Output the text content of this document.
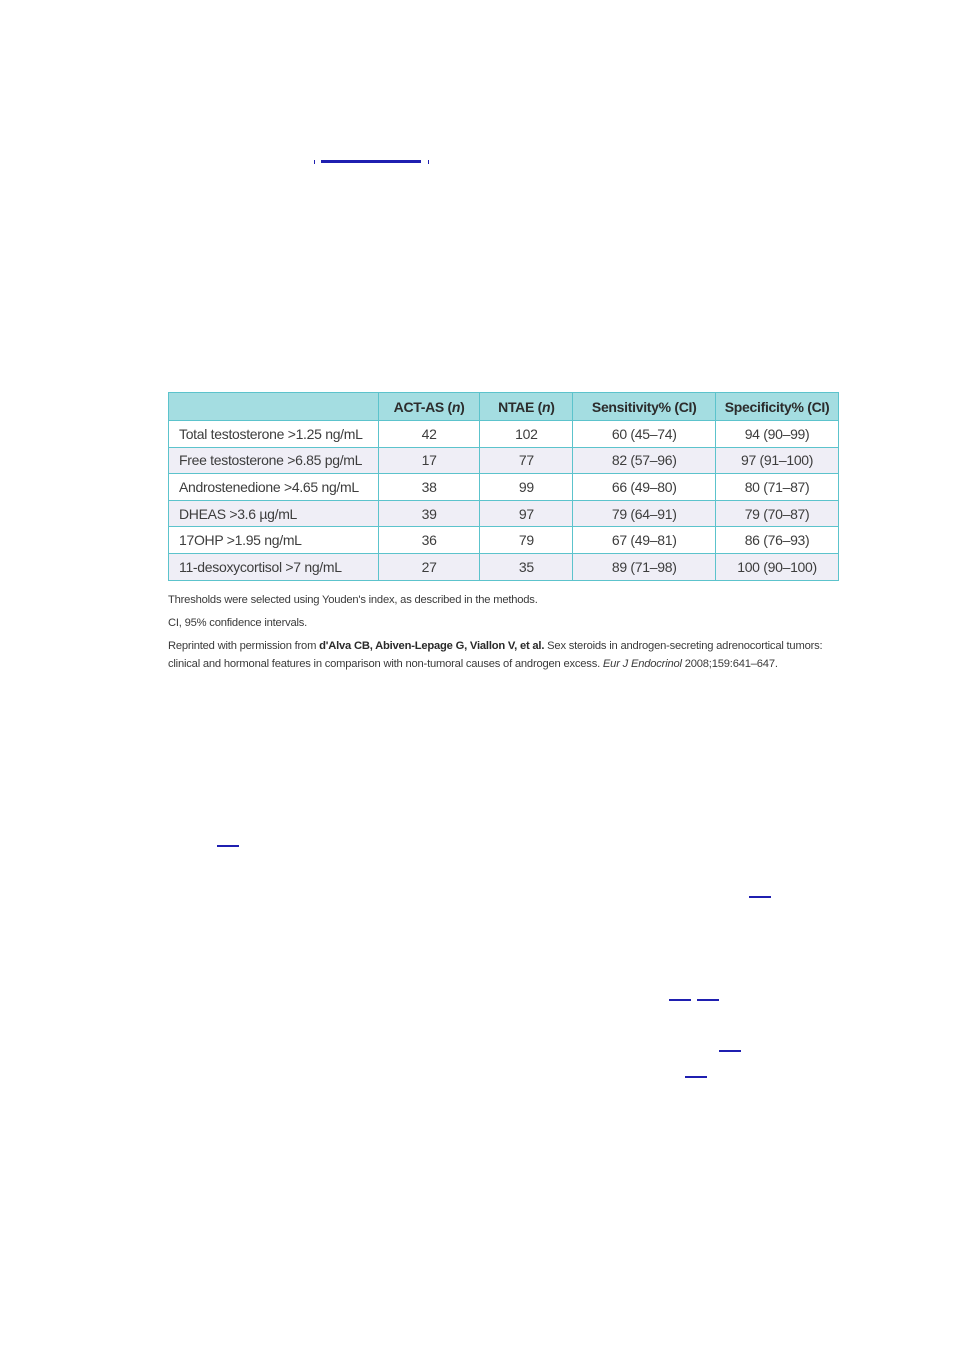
	ACT-AS (n)	NTAE (n)	Sensitivity% (CI)	Specificity% (CI)
Total testosterone >1.25 ng/mL	42	102	60 (45–74)	94 (90–99)
Free testosterone >6.85 pg/mL	17	77	82 (57–96)	97 (91–100)
Androstenedione >4.65 ng/mL	38	99	66 (49–80)	80 (71–87)
DHEAS >3.6 µg/mL	39	97	79 (64–91)	79 (70–87)
17OHP >1.95 ng/mL	36	79	67 (49–81)	86 (76–93)
11-desoxycortisol >7 ng/mL	27	35	89 (71–98)	100 (90–100)

Thresholds were selected using Youden's index, as described in the methods.

CI, 95% confidence intervals.

Reprinted with permission from d'Alva CB, Abiven-Lepage G, Viallon V, et al. Sex steroids in androgen-secreting adrenocortical tumors: clinical and hormonal features in comparison with non-tumoral causes of androgen excess. Eur J Endocrinol 2008;159:641–647.
